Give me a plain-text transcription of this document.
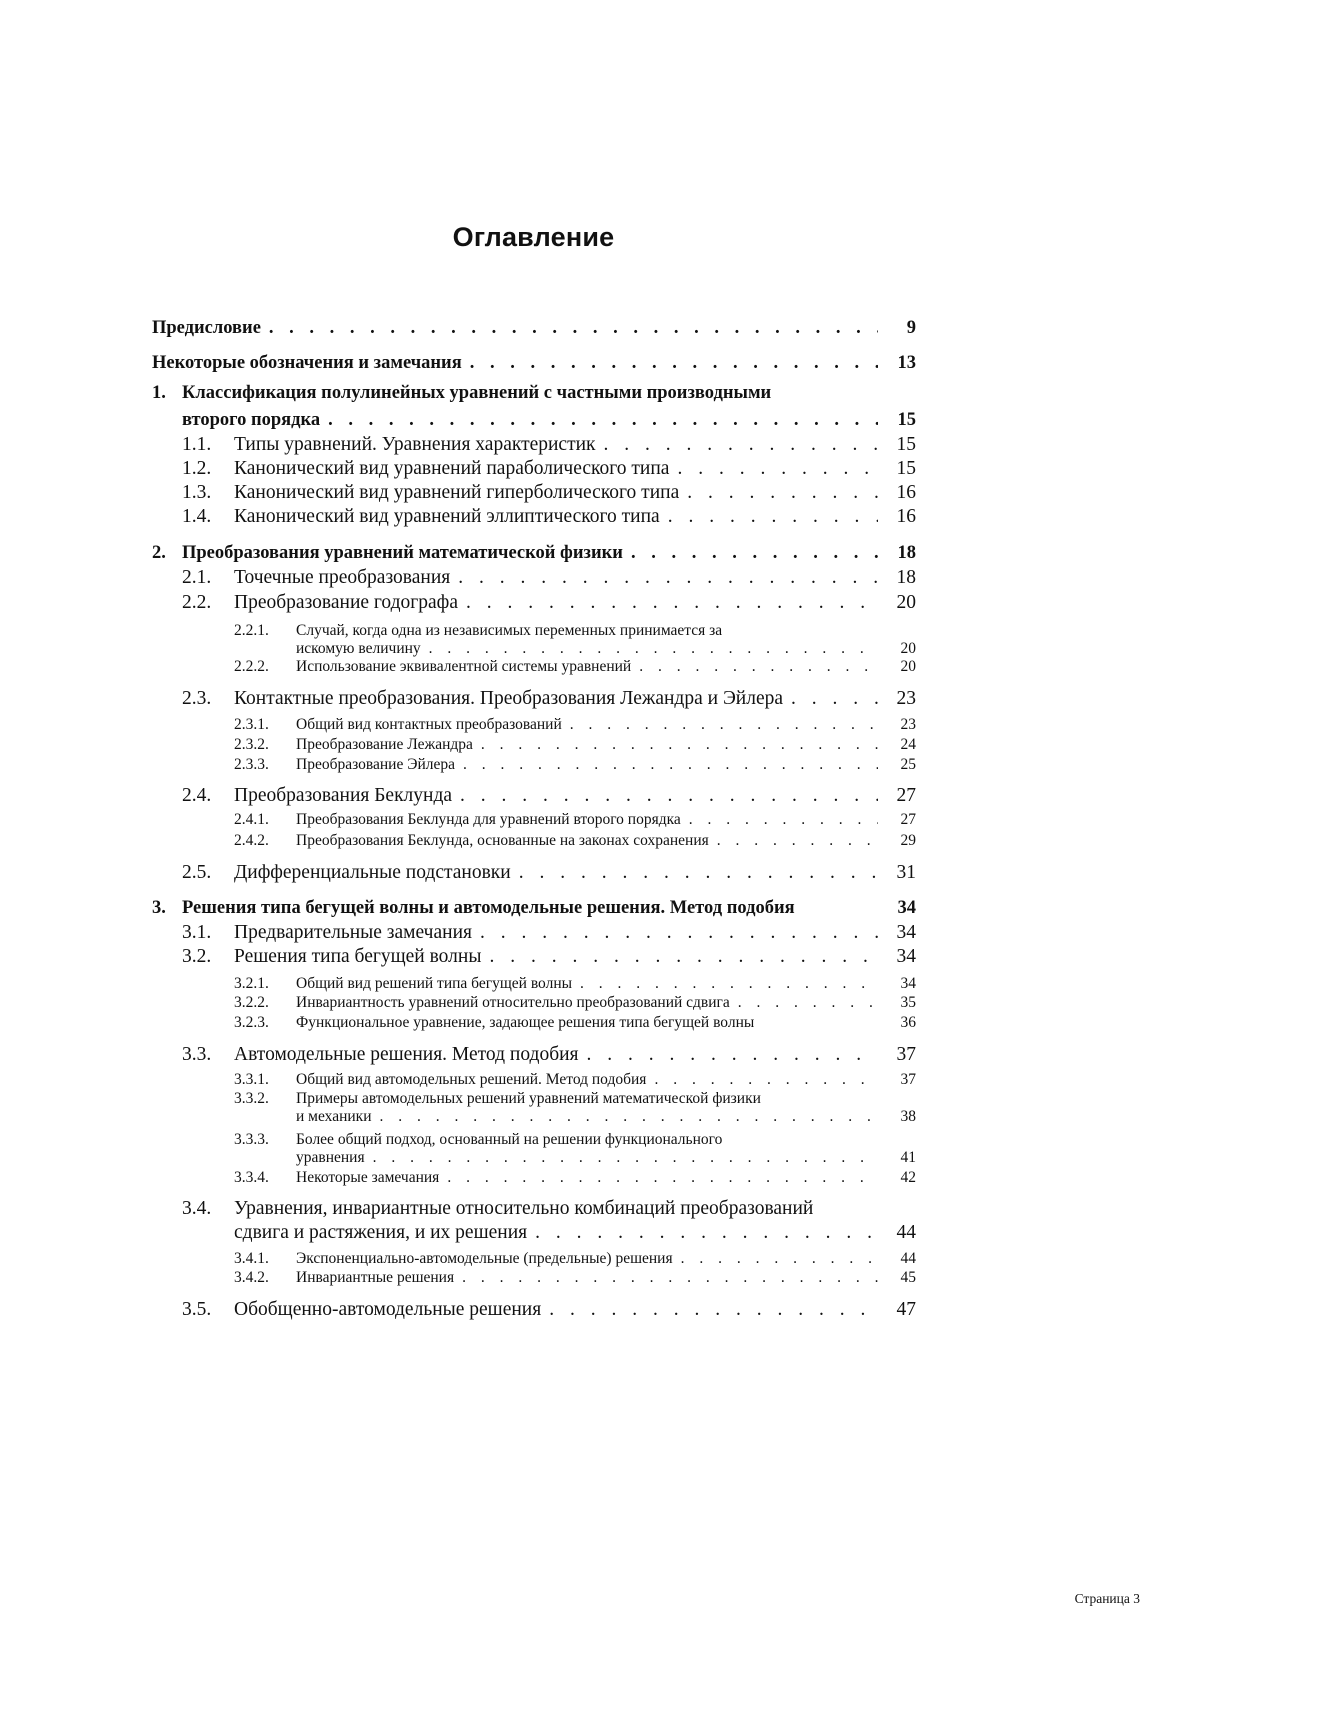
Оглавление
Предисловие . . .	9
Некоторые обозначения и замечания . . .	13
1. Классификация полулинейных уравнений с частными производными
второго порядка . . .	15
1.1. Типы уравнений. Уравнения характеристик . . .	15
1.2. Канонический вид уравнений параболического типа . . .	15
1.3. Канонический вид уравнений гиперболического типа . . .	16
1.4. Канонический вид уравнений эллиптического типа . . .	16
2. Преобразования уравнений математической физики . . .	18
2.1. Точечные преобразования . . .	18
2.2. Преобразование годографа . . .	20
2.2.1. Случай, когда одна из независимых переменных принимается за
искомую величину . . .	20
2.2.2. Использование эквивалентной системы уравнений . . .	20
2.3. Контактные преобразования. Преобразования Лежандра и Эйлера . . .	23
2.3.1. Общий вид контактных преобразований . . .	23
2.3.2. Преобразование Лежандра . . .	24
2.3.3. Преобразование Эйлера . . .	25
2.4. Преобразования Беклунда . . .	27
2.4.1. Преобразования Беклунда для уравнений второго порядка . . .	27
2.4.2. Преобразования Беклунда, основанные на законах сохранения . . .	29
2.5. Дифференциальные подстановки . . .	31
3. Решения типа бегущей волны и автомодельные решения. Метод подобия	34
3.1. Предварительные замечания . . .	34
3.2. Решения типа бегущей волны . . .	34
3.2.1. Общий вид решений типа бегущей волны . . .	34
3.2.2. Инвариантность уравнений относительно преобразований сдвига . . .	35
3.2.3. Функциональное уравнение, задающее решения типа бегущей волны	36
3.3. Автомодельные решения. Метод подобия . . .	37
3.3.1. Общий вид автомодельных решений. Метод подобия . . .	37
3.3.2. Примеры автомодельных решений уравнений математической физики
и механики . . .	38
3.3.3. Более общий подход, основанный на решении функционального
уравнения . . .	41
3.3.4. Некоторые замечания . . .	42
3.4. Уравнения, инвариантные относительно комбинаций преобразований
сдвига и растяжения, и их решения . . .	44
3.4.1. Экспоненциально-автомодельные (предельные) решения . . .	44
3.4.2. Инвариантные решения . . .	45
3.5. Обобщенно-автомодельные решения . . .	47
Страница 3
